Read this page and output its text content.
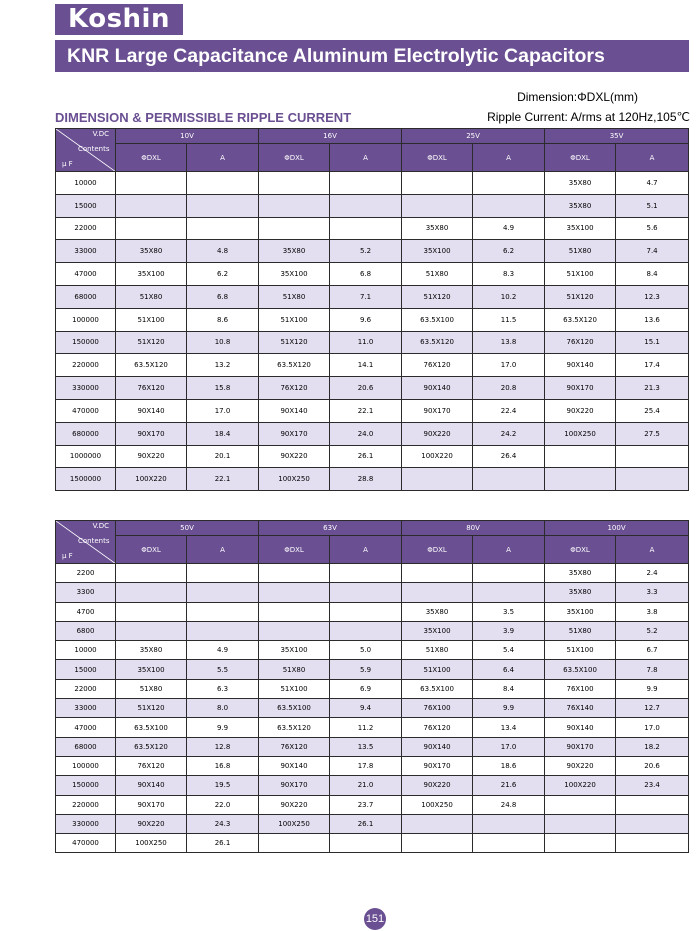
Koshin
KNR Large Capacitance Aluminum Electrolytic Capacitors
Dimension:ΦDXL(mm)
DIMENSION & PERMISSIBLE RIPPLE CURRENT	Ripple Current: A/rms at 120Hz,105℃
V.DC
Contents
μ F	10V		16V		25V		35V	
	ΦDXL	A	ΦDXL	A	ΦDXL	A	ΦDXL	A
10000							35X80	4.7
15000							35X80	5.1
22000					35X80	4.9	35X100	5.6
33000	35X80	4.8	35X80	5.2	35X100	6.2	51X80	7.4
47000	35X100	6.2	35X100	6.8	51X80	8.3	51X100	8.4
68000	51X80	6.8	51X80	7.1	51X120	10.2	51X120	12.3
100000	51X100	8.6	51X100	9.6	63.5X100	11.5	63.5X120	13.6
150000	51X120	10.8	51X120	11.0	63.5X120	13.8	76X120	15.1
220000	63.5X120	13.2	63.5X120	14.1	76X120	17.0	90X140	17.4
330000	76X120	15.8	76X120	20.6	90X140	20.8	90X170	21.3
470000	90X140	17.0	90X140	22.1	90X170	22.4	90X220	25.4
680000	90X170	18.4	90X170	24.0	90X220	24.2	100X250	27.5
1000000	90X220	20.1	90X220	26.1	100X220	26.4		
1500000	100X220	22.1	100X250	28.8				
V.DC
Contents
μ F	50V		63V		80V		100V	
	ΦDXL	A	ΦDXL	A	ΦDXL	A	ΦDXL	A
2200							35X80	2.4
3300							35X80	3.3
4700					35X80	3.5	35X100	3.8
6800					35X100	3.9	51X80	5.2
10000	35X80	4.9	35X100	5.0	51X80	5.4	51X100	6.7
15000	35X100	5.5	51X80	5.9	51X100	6.4	63.5X100	7.8
22000	51X80	6.3	51X100	6.9	63.5X100	8.4	76X100	9.9
33000	51X120	8.0	63.5X100	9.4	76X100	9.9	76X140	12.7
47000	63.5X100	9.9	63.5X120	11.2	76X120	13.4	90X140	17.0
68000	63.5X120	12.8	76X120	13.5	90X140	17.0	90X170	18.2
100000	76X120	16.8	90X140	17.8	90X170	18.6	90X220	20.6
150000	90X140	19.5	90X170	21.0	90X220	21.6	100X220	23.4
220000	90X170	22.0	90X220	23.7	100X250	24.8		
330000	90X220	24.3	100X250	26.1				
470000	100X250	26.1						
151
